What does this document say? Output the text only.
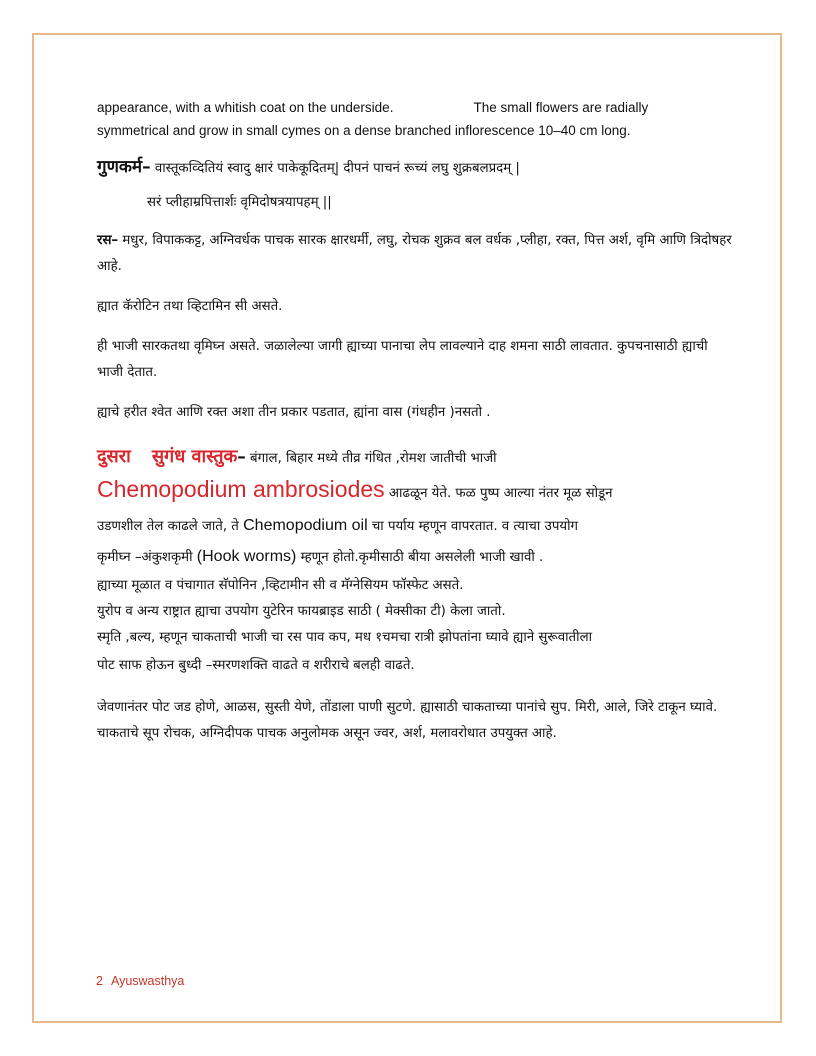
appearance, with a whitish coat on the underside.	The small flowers are radially
symmetrical and grow in small cymes on a dense branched inflorescence 10–40 cm long.

गुणकर्म– वास्तूकव्दितियं स्वादु क्षारं पाकेकूदितम्| दीपनं पाचनं रूच्यं लघु शुक्रबलप्रदम् |

सरं प्लीहाम्रपित्तार्शः वृमिदोषत्रयापहम् ||

रस– मधुर, विपाककट्ट, अग्निवर्धक पाचक सारक क्षारधर्मी, लघु, रोचक शुक्रव बल वर्धक ,प्लीहा, रक्त, पित्त अर्श, वृमि आणि त्रिदोषहर आहे.

ह्यात कॅरोटिन तथा व्हिटामिन सी असते.

ही भाजी सारकतथा वृमिघ्न असते. जळालेल्या जागी ह्याच्या पानाचा लेप लावल्याने दाह शमना साठी लावतात. कुपचनासाठी ह्याची भाजी देतात.

ह्याचे हरीत श्वेत आणि रक्त अशा तीन प्रकार पडतात, ह्यांना वास (गंधहीन )नसतो .

दुसरा सुगंध वास्तुक– बंगाल, बिहार मध्ये तीव्र गंधित ,रोमश जातीची भाजी

Chemopodium ambrosiodes आढळून येते. फळ पुष्प आल्या नंतर मूळ सोडून

उडणशील तेल काढले जाते, ते Chemopodium oil चा पर्याय म्हणून वापरतात. व त्याचा उपयोग

कृमीघ्न –अंकुशकृमी (Hook worms) म्हणून होतो.कृमीसाठी बीया असलेली भाजी खावी .

ह्याच्या मूळात व पंचागात सॅपोनिन ,व्हिटामीन सी व मॅग्नेसियम फॉस्फेट असते.

युरोप व अन्य राष्ट्रात ह्याचा उपयोग युटेरिन फायब्राइड साठी ( मेक्सीका टी) केला जातो.

स्मृति ,बल्य, म्हणून चाकताची भाजी चा रस पाव कप, मध १चमचा रात्री झोपतांना घ्यावे ह्याने सुरूवातीला

पोट साफ होऊन बुध्दी –स्मरणशक्ति वाढते व शरीराचे बलही वाढते.

जेवणानंतर पोट जड होणे, आळस, सुस्ती येणे, तोंडाला पाणी सुटणे. ह्यासाठी चाकताच्या पानांचे सुप. मिरी, आले, जिरे टाकून घ्यावे. चाकताचे सूप रोचक, अग्निदीपक पाचक अनुलोमक असून ज्वर, अर्श, मलावरोधात उपयुक्त आहे.

2 Ayuswasthya
